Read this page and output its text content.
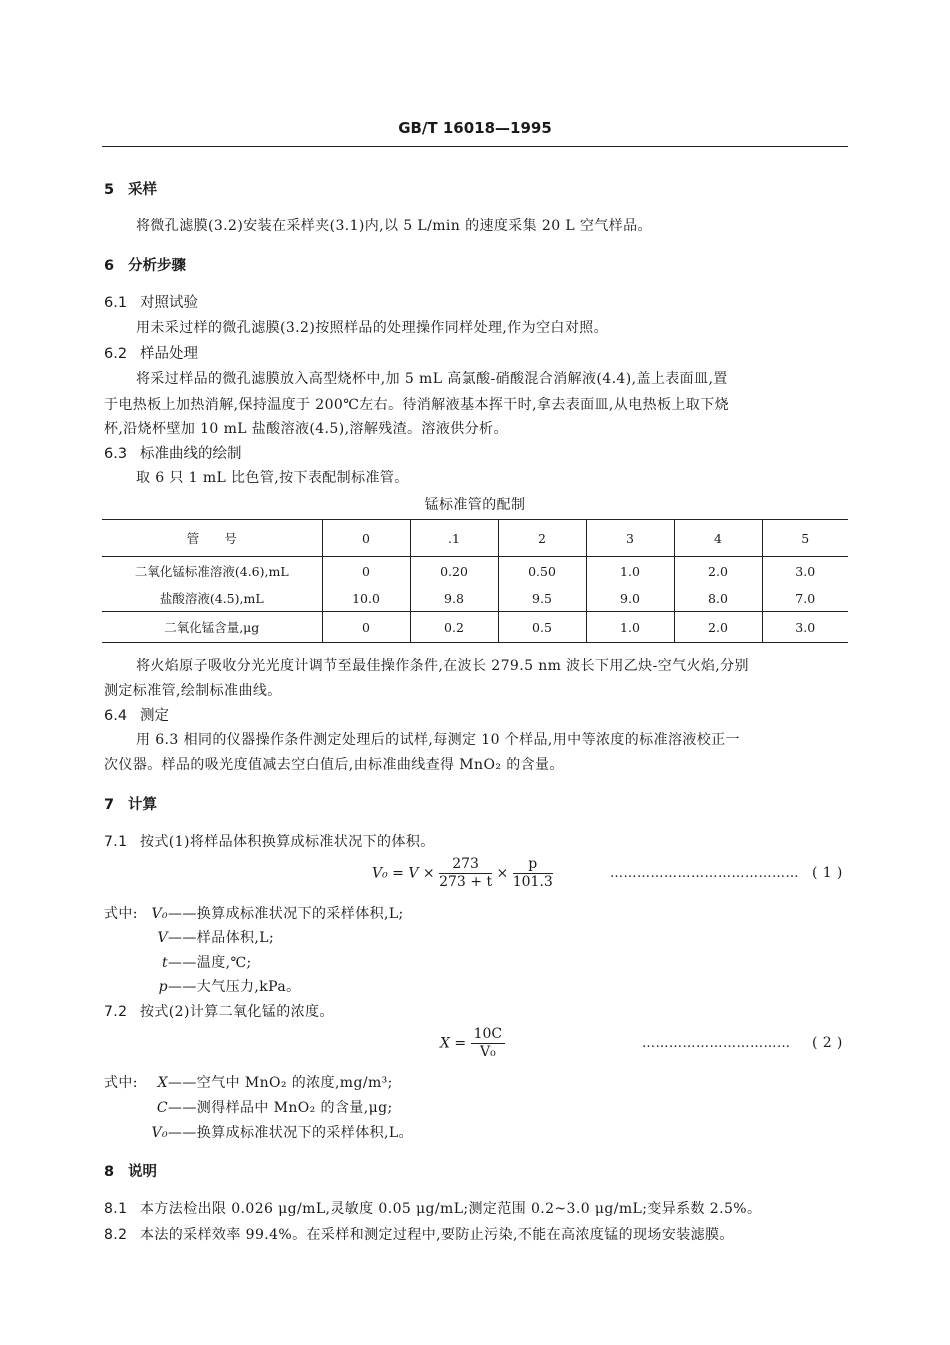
GB/T 16018—1995
5 采样
将微孔滤膜(3.2)安装在采样夹(3.1)内,以 5 L/min 的速度采集 20 L 空气样品。
6 分析步骤
6.1 对照试验
用未采过样的微孔滤膜(3.2)按照样品的处理操作同样处理,作为空白对照。
6.2 样品处理
将采过样品的微孔滤膜放入高型烧杯中,加 5 mL 高氯酸-硝酸混合消解液(4.4),盖上表面皿,置
于电热板上加热消解,保持温度于 200℃左右。待消解液基本挥干时,拿去表面皿,从电热板上取下烧
杯,沿烧杯壁加 10 mL 盐酸溶液(4.5),溶解残渣。溶液供分析。
6.3 标准曲线的绘制
取 6 只 1 mL 比色管,按下表配制标准管。
锰标准管的配制
管　　号	0	.1	2	3	4	5
二氧化锰标准溶液(4.6),mL	0	0.20	0.50	1.0	2.0	3.0
盐酸溶液(4.5),mL	10.0	9.8	9.5	9.0	8.0	7.0
二氧化锰含量,μg	0	0.2	0.5	1.0	2.0	3.0
将火焰原子吸收分光光度计调节至最佳操作条件,在波长 279.5 nm 波长下用乙炔-空气火焰,分别
测定标准管,绘制标准曲线。
6.4 测定
用 6.3 相同的仪器操作条件测定处理后的试样,每测定 10 个样品,用中等浓度的标准溶液校正一
次仪器。样品的吸光度值减去空白值后,由标准曲线查得 MnO₂ 的含量。
7 计算
7.1 按式(1)将样品体积换算成标准状况下的体积。
$V_0 = V \times \frac{273}{273 + t} \times \frac{p}{101.3}$	…………………………………… ( 1 )
式中: V₀——换算成标准状况下的采样体积,L;
V——样品体积,L;
t——温度,℃;
p——大气压力,kPa。
7.2 按式(2)计算二氧化锰的浓度。
$X = \frac{10C}{\text{V₀}}$	…………………………… ( 2 )
式中:	X——空气中 MnO₂ 的浓度,mg/m³;
C——测得样品中 MnO₂ 的含量,μg;
V₀——换算成标准状况下的采样体积,L。
8 说明
8.1 本方法检出限 0.026 μg/mL,灵敏度 0.05 μg/mL;测定范围 0.2~3.0 μg/mL;变异系数 2.5%。
8.2 本法的采样效率 99.4%。在采样和测定过程中,要防止污染,不能在高浓度锰的现场安装滤膜。
